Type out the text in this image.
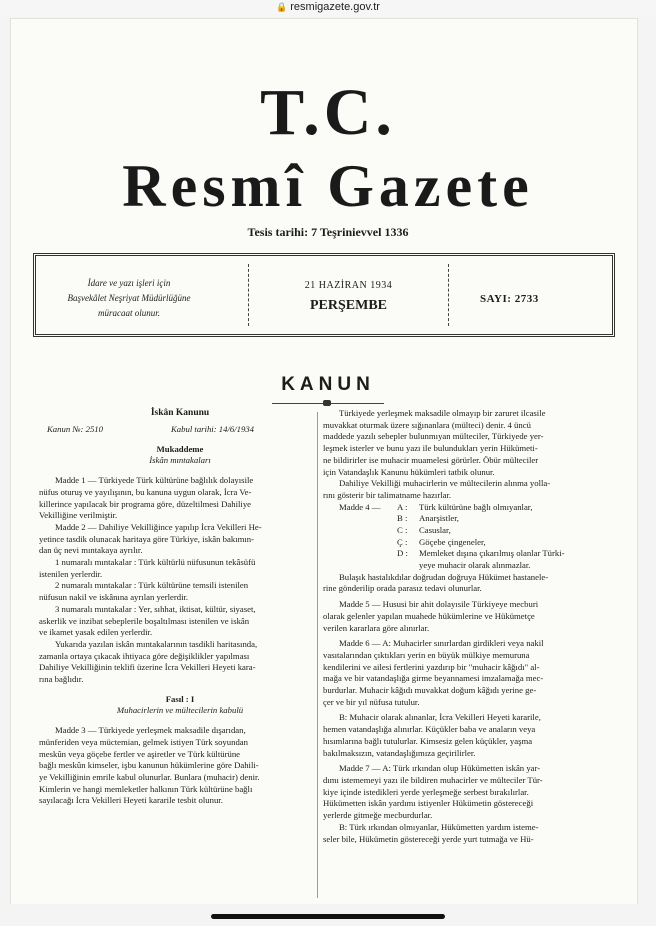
🔒 resmigazete.gov.tr
T.C.
Resmî Gazete
Tesis tarihi: 7 Teşrinievvel 1336
İdare ve yazı işleri için
Başvekâlet Neşriyat Müdürlüğüne
müracaat olunur.
21 HAZİRAN 1934
PERŞEMBE	SAYI: 2733
KANUN

İskân Kanunu

Kanun №: 2510	Kabul tarihi: 14/6/1934

Mukaddeme

İskân mıntakaları

Madde 1 — Türkiyede Türk kültürüne bağlılık dolayısile

nüfus oturuş ve yayılışının, bu kanuna uygun olarak, İcra Ve-

killerince yapılacak bir programa göre, düzeltilmesi Dahiliye

Vekilliğine verilmiştir.

Madde 2 — Dahiliye Vekilliğince yapılıp İcra Vekilleri He-

yetince tasdik olunacak haritaya göre Türkiye, iskân bakımın-

dan üç nevi mıntakaya ayrılır.

1 numaralı mıntakalar : Türk kültürlü nüfusunun tekâsüfü

istenilen yerlerdir.

2 numaralı mıntakalar : Türk kültürüne temsili istenilen

nüfusun nakil ve iskânına ayrılan yerlerdir.

3 numaralı mıntakalar : Yer, sıhhat, iktisat, kültür, siyaset,

askerlik ve inzibat sebeplerile boşaltılması istenilen ve iskân

ve ikamet yasak edilen yerlerdir.

Yukarıda yazılan iskân mıntakalarının tasdikli haritasında,

zamanla ortaya çıkacak ihtiyaca göre değişiklikler yapılması

Dahiliye Vekilliğinin teklifi üzerine İcra Vekilleri Heyeti kara-

rına bağlıdır.

Fasıl : I

Muhacirlerin ve mültecilerin kabulü

Madde 3 — Türkiyede yerleşmek maksadile dışarıdan,

münferiden veya müctemian, gelmek istiyen Türk soyundan

meskûn veya göçebe fertler ve aşiretler ve Türk kültürüne

bağlı meskûn kimseler, işbu kanunun hükümlerine göre Dahili-

ye Vekilliğinin emrile kabul olunurlar. Bunlara (muhacir) denir.

Kimlerin ve hangi memleketler halkının Türk kültürüne bağlı

sayılacağı İcra Vekilleri Heyeti kararile tesbit olunur.

Türkiyede yerleşmek maksadile olmayıp bir zaruret ilcasile

muvakkat oturmak üzere sığınanlara (mülteci) denir. 4 üncü

maddede yazılı sebepler bulunmıyan mülteciler, Türkiyede yer-

leşmek isterler ve bunu yazı ile bulundukları yerin Hükümeti-

ne bildirirler ise muhacir muamelesi görürler. Öbür mülteciler

için Vatandaşlık Kanunu hükümleri tatbik olunur.

Dahiliye Vekilliği muhacirlerin ve mültecilerin alınma yolla-

rını gösterir bir talimatname hazırlar.

Madde 4 — A : Türk kültürüne bağlı olmıyanlar,
B : Anarşistler,
C : Casuslar,
Ç : Göçebe çingeneler,
D : Memleket dışına çıkarılmış olanlar Türki-
yeye muhacir olarak alınmazlar.

Bulaşık hastalıkdılar doğrudan doğruya Hükümet hastanele-

rine gönderilip orada parasız tedavi olunurlar.

Madde 5 — Hususi bir ahit dolayısile Türkiyeye mecburi

olarak gelenler yapılan muahede hükümlerine ve Hükümetçe

verilen kararlara göre alınırlar.

Madde 6 — A: Muhacirler sınırlardan girdikleri veya nakil

vasıtalarından çıktıkları yerin en büyük mülkiye memuruna

kendilerini ve ailesi fertlerini yazdırıp bir "muhacir kâğıdı" al-

mağa ve bir vatandaşlığa girme beyannamesi imzalamağa mec-

burdurlar. Muhacir kâğıdı muvakkat doğum kâğıdı yerine ge-

çer ve bir yıl nüfusa tutulur.

B: Muhacir olarak alınanlar, İcra Vekilleri Heyeti kararile,

hemen vatandaşlığa alınırlar. Küçükler baba ve anaların veya

hısımlarına bağlı tutulurlar. Kimsesiz gelen küçükler, yaşma

bakılmaksızın, vatandaşlığımıza geçirilirler.

Madde 7 — A: Türk ırkından olup Hükümetten iskân yar-

dımı istememeyi yazı ile bildiren muhacirler ve mülteciler Tür-

kiye içinde istedikleri yerde yerleşmeğe serbest bırakılırlar.

Hükümetten iskân yardımı istiyenler Hükümetin göstereceği

yerlerde gitmeğe mecburdurlar.

B: Türk ırkından olmıyanlar, Hükümetten yardım isteme-

seler bile, Hükümetin göstereceği yerde yurt tutmağa ve Hü-
